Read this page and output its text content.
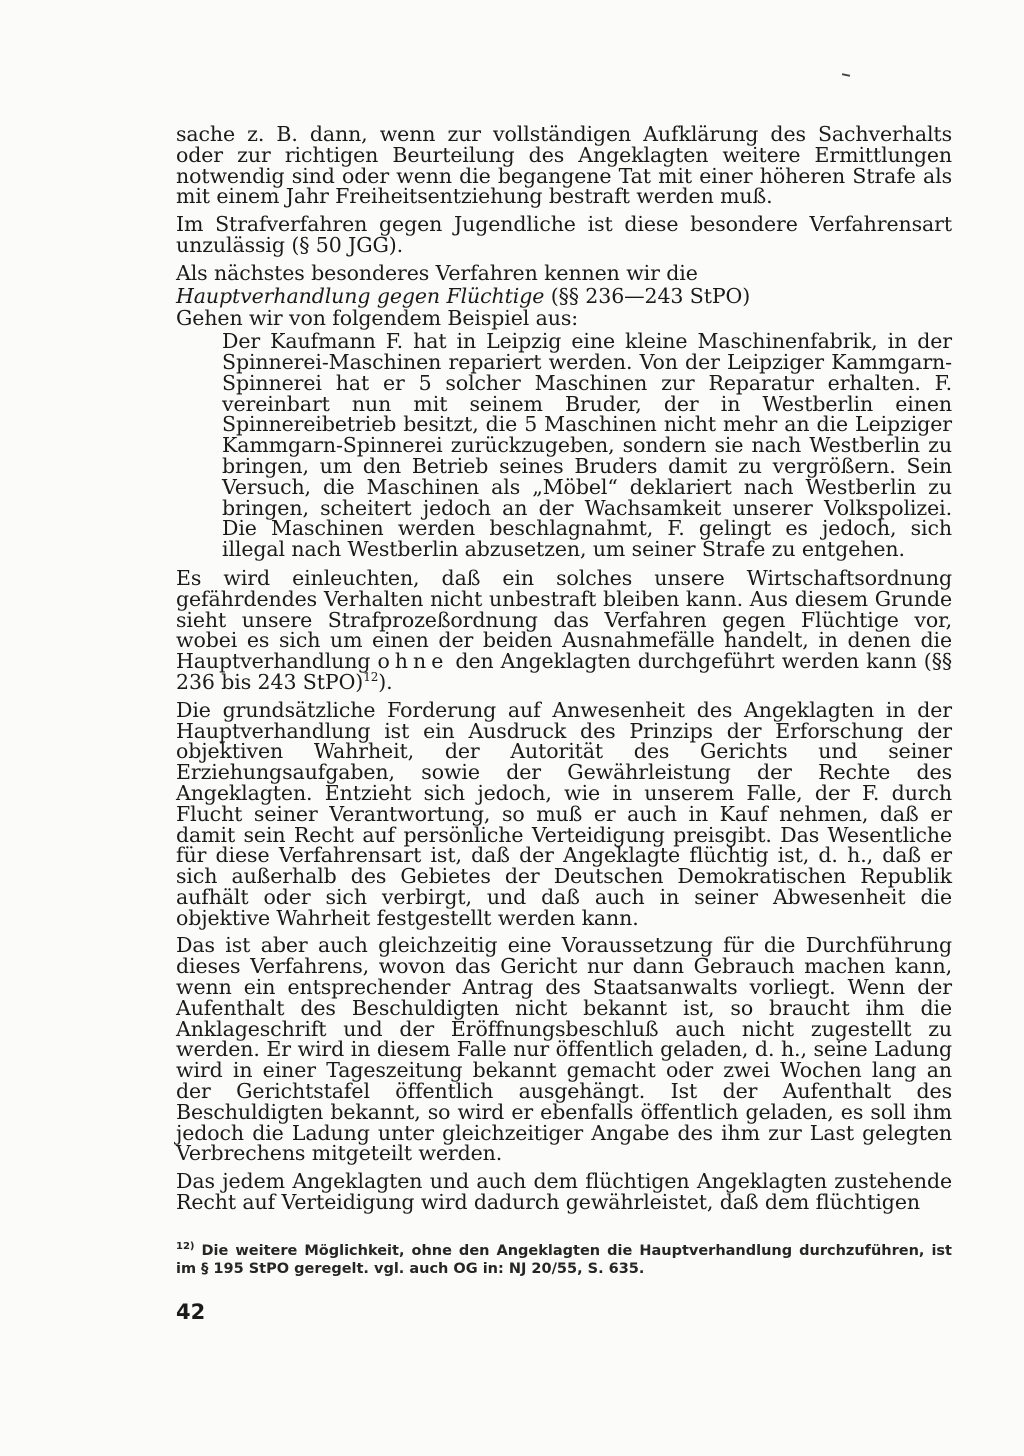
sache z. B. dann, wenn zur vollständigen Aufklärung des Sachverhalts oder zur richtigen Beurteilung des Angeklagten weitere Ermittlungen notwendig sind oder wenn die begangene Tat mit einer höheren Strafe als mit einem Jahr Freiheitsentziehung bestraft werden muß.

Im Strafverfahren gegen Jugendliche ist diese besondere Verfahrensart unzulässig (§ 50 JGG).

Als nächstes besonderes Verfahren kennen wir die

Hauptverhandlung gegen Flüchtige (§§ 236—243 StPO)

Gehen wir von folgendem Beispiel aus:

Der Kaufmann F. hat in Leipzig eine kleine Maschinenfabrik, in der Spinnerei-Maschinen repariert werden. Von der Leipziger Kammgarn-Spinnerei hat er 5 solcher Maschinen zur Reparatur erhalten. F. vereinbart nun mit seinem Bruder, der in Westberlin einen Spinnereibetrieb besitzt, die 5 Maschinen nicht mehr an die Leipziger Kammgarn-Spinnerei zurückzugeben, sondern sie nach Westberlin zu bringen, um den Betrieb seines Bruders damit zu vergrößern. Sein Versuch, die Maschinen als „Möbel“ deklariert nach Westberlin zu bringen, scheitert jedoch an der Wachsamkeit unserer Volkspolizei. Die Maschinen werden beschlagnahmt, F. gelingt es jedoch, sich illegal nach Westberlin abzusetzen, um seiner Strafe zu entgehen.

Es wird einleuchten, daß ein solches unsere Wirtschaftsordnung gefährdendes Verhalten nicht unbestraft bleiben kann. Aus diesem Grunde sieht unsere Strafprozeßordnung das Verfahren gegen Flüchtige vor, wobei es sich um einen der beiden Ausnahmefälle handelt, in denen die Hauptverhandlung ohne den Angeklagten durchgeführt werden kann (§§ 236 bis 243 StPO)$^{12}$).

Die grundsätzliche Forderung auf Anwesenheit des Angeklagten in der Hauptverhandlung ist ein Ausdruck des Prinzips der Erforschung der objektiven Wahrheit, der Autorität des Gerichts und seiner Erziehungsaufgaben, sowie der Gewährleistung der Rechte des Angeklagten. Entzieht sich jedoch, wie in unserem Falle, der F. durch Flucht seiner Verantwortung, so muß er auch in Kauf nehmen, daß er damit sein Recht auf persönliche Verteidigung preisgibt. Das Wesentliche für diese Verfahrensart ist, daß der Angeklagte flüchtig ist, d. h., daß er sich außerhalb des Gebietes der Deutschen Demokratischen Republik aufhält oder sich verbirgt, und daß auch in seiner Abwesenheit die objektive Wahrheit festgestellt werden kann.

Das ist aber auch gleichzeitig eine Voraussetzung für die Durchführung dieses Verfahrens, wovon das Gericht nur dann Gebrauch machen kann, wenn ein entsprechender Antrag des Staatsanwalts vorliegt. Wenn der Aufenthalt des Beschuldigten nicht bekannt ist, so braucht ihm die Anklageschrift und der Eröffnungsbeschluß auch nicht zugestellt zu werden. Er wird in diesem Falle nur öffentlich geladen, d. h., seine Ladung wird in einer Tageszeitung bekannt gemacht oder zwei Wochen lang an der Gerichtstafel öffentlich ausgehängt. Ist der Aufenthalt des Beschuldigten bekannt, so wird er ebenfalls öffentlich geladen, es soll ihm jedoch die Ladung unter gleichzeitiger Angabe des ihm zur Last gelegten Verbrechens mitgeteilt werden.

Das jedem Angeklagten und auch dem flüchtigen Angeklagten zustehende Recht auf Verteidigung wird dadurch gewährleistet, daß dem flüchtigen

$^{12)}$ Die weitere Möglichkeit, ohne den Angeklagten die Hauptverhandlung durchzuführen, ist im § 195 StPO geregelt. vgl. auch OG in: NJ 20/55, S. 635.
42
